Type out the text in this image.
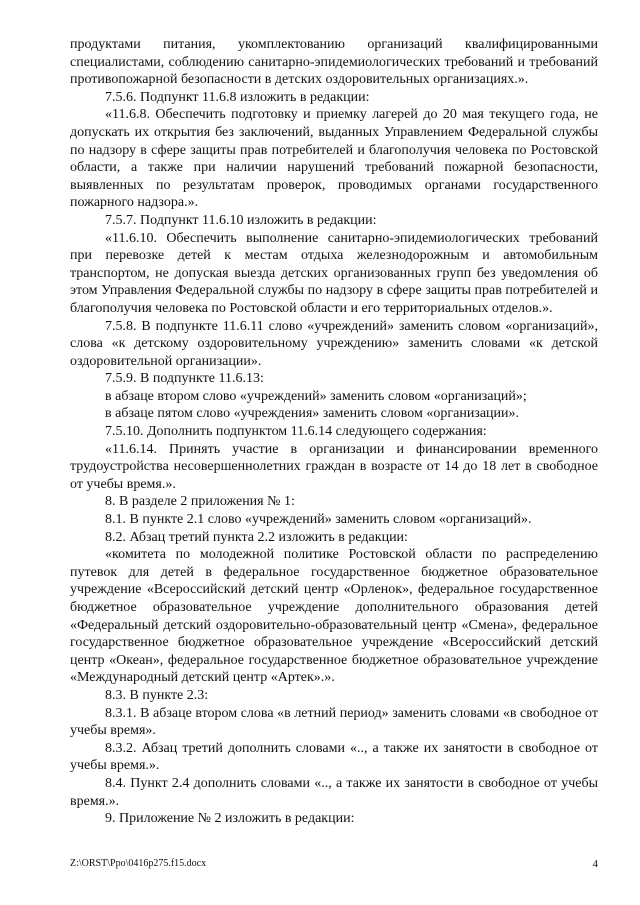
продуктами питания, укомплектованию организаций квалифицированными специалистами, соблюдению санитарно-эпидемиологических требований и требований противопожарной безопасности в детских оздоровительных организациях.».

7.5.6. Подпункт 11.6.8 изложить в редакции:

«11.6.8. Обеспечить подготовку и приемку лагерей до 20 мая текущего года, не допускать их открытия без заключений, выданных Управлением Федеральной службы по надзору в сфере защиты прав потребителей и благополучия человека по Ростовской области, а также при наличии нарушений требований пожарной безопасности, выявленных по результатам проверок, проводимых органами государственного пожарного надзора.».

7.5.7. Подпункт 11.6.10 изложить в редакции:

«11.6.10. Обеспечить выполнение санитарно-эпидемиологических требований при перевозке детей к местам отдыха железнодорожным и автомобильным транспортом, не допуская выезда детских организованных групп без уведомления об этом Управления Федеральной службы по надзору в сфере защиты прав потребителей и благополучия человека по Ростовской области и его территориальных отделов.».

7.5.8. В подпункте 11.6.11 слово «учреждений» заменить словом «организаций», слова «к детскому оздоровительному учреждению» заменить словами «к детской оздоровительной организации».

7.5.9. В подпункте 11.6.13:

в абзаце втором слово «учреждений» заменить словом «организаций»;

в абзаце пятом слово «учреждения» заменить словом «организации».

7.5.10. Дополнить подпунктом 11.6.14 следующего содержания:

«11.6.14. Принять участие в организации и финансировании временного трудоустройства несовершеннолетних граждан в возрасте от 14 до 18 лет в свободное от учебы время.».

8. В разделе 2 приложения № 1:

8.1. В пункте 2.1 слово «учреждений» заменить словом «организаций».

8.2. Абзац третий пункта 2.2 изложить в редакции:

«комитета по молодежной политике Ростовской области по распределению путевок для детей в федеральное государственное бюджетное образовательное учреждение «Всероссийский детский центр «Орленок», федеральное государственное бюджетное образовательное учреждение дополнительного образования детей «Федеральный детский оздоровительно-образовательный центр «Смена», федеральное государственное бюджетное образовательное учреждение «Всероссийский детский центр «Океан», федеральное государственное бюджетное образовательное учреждение «Международный детский центр «Артек».».

8.3. В пункте 2.3:

8.3.1. В абзаце втором слова «в летний период» заменить словами «в свободное от учебы время».

8.3.2. Абзац третий дополнить словами «.., а также их занятости в свободное от учебы время.».

8.4. Пункт 2.4 дополнить словами «.., а также их занятости в свободное от учебы время.».

9. Приложение № 2 изложить в редакции:

Z:\ORST\Ppo\0416p275.f15.docx	4
